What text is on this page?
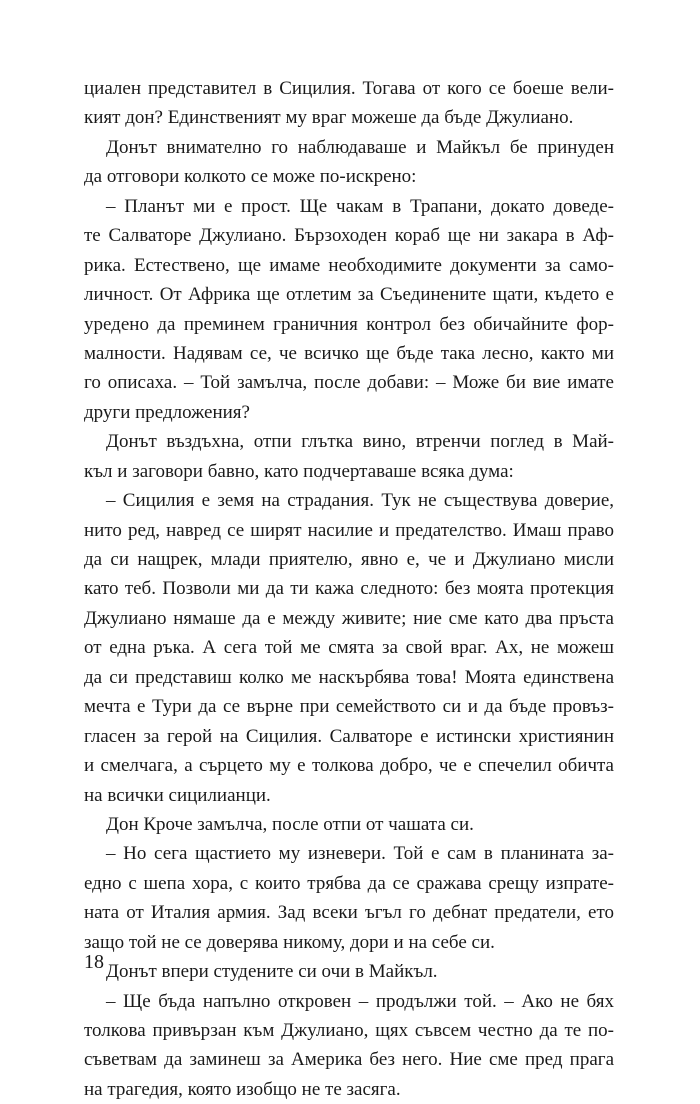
циален представител в Сицилия. Тогава от кого се боеше вели-
кият дон? Единственият му враг можеше да бъде Джулиано.
Донът внимателно го наблюдаваше и Майкъл бе принуден
да отговори колкото се може по-искрено:
– Планът ми е прост. Ще чакам в Трапани, докато доведе-
те Салваторе Джулиано. Бързоходен кораб ще ни закара в Аф-
рика. Естествено, ще имаме необходимите документи за само-
личност. От Африка ще отлетим за Съединените щати, където е
уредено да преминем граничния контрол без обичайните фор-
малности. Надявам се, че всичко ще бъде така лесно, както ми
го описаха. – Той замълча, после добави: – Може би вие имате
други предложения?
Донът въздъхна, отпи глътка вино, втренчи поглед в Май-
къл и заговори бавно, като подчертаваше всяка дума:
– Сицилия е земя на страдания. Тук не съществува доверие,
нито ред, навред се ширят насилие и предателство. Имаш право
да си нащрек, млади приятелю, явно е, че и Джулиано мисли
като теб. Позволи ми да ти кажа следното: без моята протекция
Джулиано нямаше да е между живите; ние сме като два пръста
от една ръка. А сега той ме смята за свой враг. Ах, не можеш
да си представиш колко ме наскърбява това! Моята единствена
мечта е Тури да се върне при семейството си и да бъде провъз-
гласен за герой на Сицилия. Салваторе е истински християнин
и смелчага, а сърцето му е толкова добро, че е спечелил обичта
на всички сицилианци.
Дон Кроче замълча, после отпи от чашата си.
– Но сега щастието му изневери. Той е сам в планината за-
едно с шепа хора, с които трябва да се сражава срещу изпрате-
ната от Италия армия. Зад всеки ъгъл го дебнат предатели, ето
защо той не се доверява никому, дори и на себе си.
Донът впери студените си очи в Майкъл.
– Ще бъда напълно откровен – продължи той. – Ако не бях
толкова привързан към Джулиано, щях съвсем честно да те по-
съветвам да заминеш за Америка без него. Ние сме пред прага
на трагедия, която изобщо не те засяга.
18
